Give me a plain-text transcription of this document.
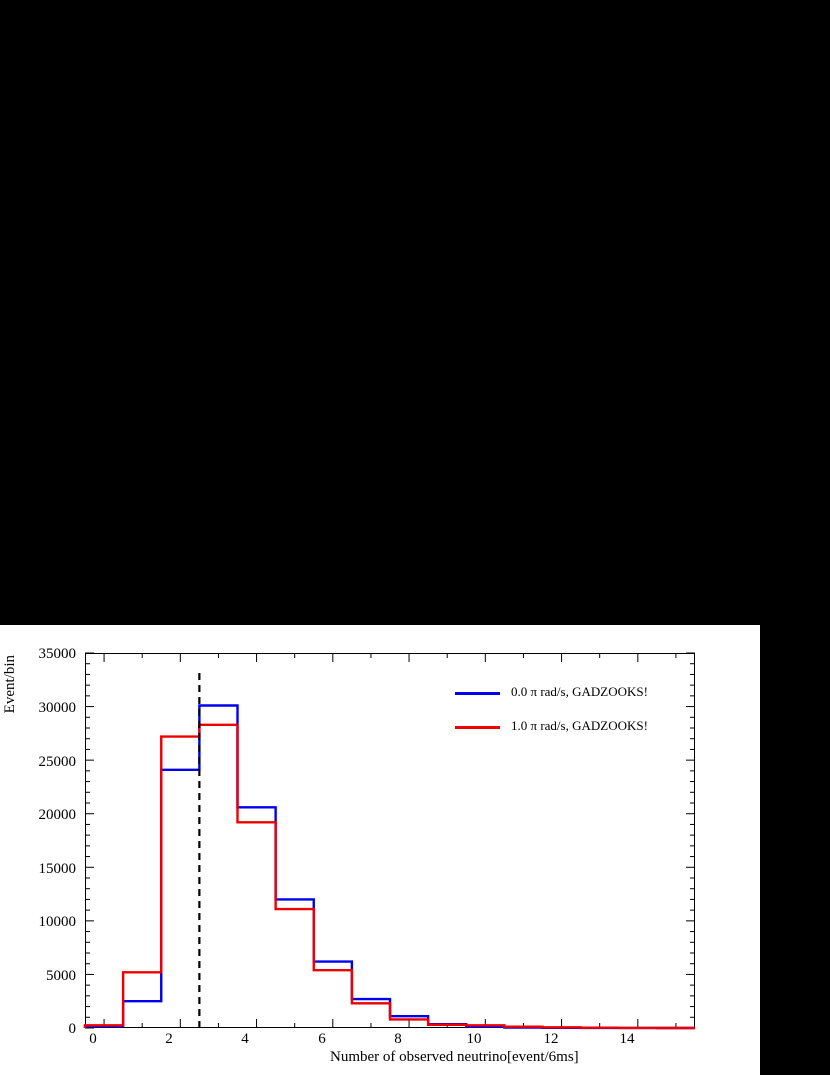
Event/bin
Number of observed neutrino[event/6ms]
0
5000
10000
15000
20000
25000
30000
35000
0	2	4	6	8	10	12	14
0.0 π rad/s, GADZOOKS!
1.0 π rad/s, GADZOOKS!
